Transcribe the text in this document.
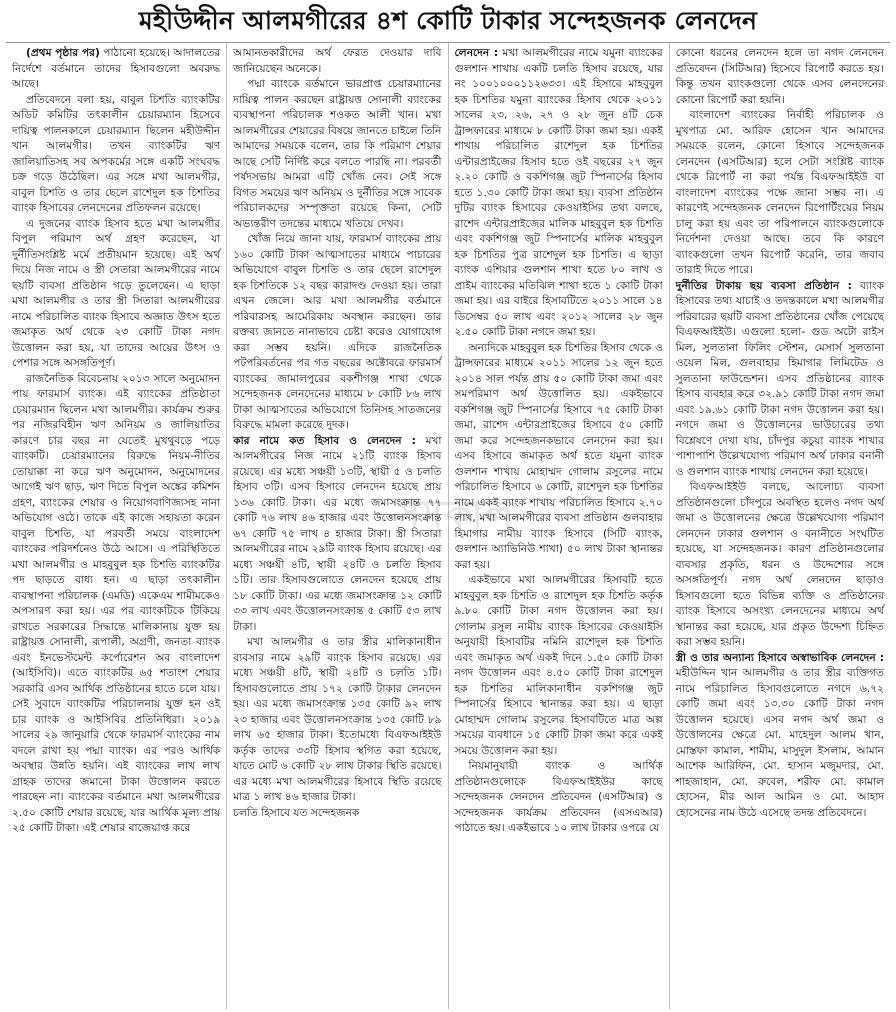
মহীউদ্দীন আলমগীরের ৪শ কোটি টাকার সন্দেহজনক লেনদেন

(প্রথম পৃষ্ঠার পর) পাঠানো হয়েছে। আদালতের নির্দেশে বর্তমানে তাদের হিসাবগুলো অবরুদ্ধ আছে।

প্রতিবেদনে বলা হয়, বাবুল চিশতি ব্যাংকটির অডিট কমিটির তৎকালীন চেয়ারম্যান হিসেবে দায়িত্ব পালনকালে চেয়ারম্যান ছিলেন মহীউদ্দীন খান আলমগীর। তখন ব্যাংকটির ঋণ জালিয়াতিসহ সব অপকর্মের সঙ্গে একটি সংঘবদ্ধ চক্র গড়ে উঠেছিল। এর সঙ্গে মখা আলমগীর, বাবুল চিশতি ও তার ছেলে রাশেদুল হক চিশতির ব্যাংক হিসাবের লেনদেনের প্রতিফলন রয়েছে।

এ দুজনের ব্যাংক হিসাব হতে মখা আলমগীর বিপুল পরিমাণ অর্থ গ্রহণ করেছেন, যা দুর্নীতিসংশ্লিষ্ট মর্মে প্রতীয়মান হয়েছে। এই অর্থ দিয়ে নিজ নামে ও স্ত্রী সেতারা আলমগীরের নামে ছয়টি ব্যবসা প্রতিষ্ঠান গড়ে তুলেছেন। এ ছাড়া মখা আলমগীর ও তার স্ত্রী সিতারা আলমগীরের নামে পরিচালিত ব্যাংক হিসাবে অজ্ঞাত উৎস হতে জমাকৃত অর্থ থেকে ২৩ কোটি টাকা নগদ উত্তোলন করা হয়, যা তাদের আয়ের উৎস ও পেশার সঙ্গে অসঙ্গতিপূর্ণ।

রাজনৈতিক বিবেচনায় ২০১৩ সালে অনুমোদন পায় ফারমার্স ব্যাংক। এই ব্যাংকের প্রতিষ্ঠাতা চেয়ারম্যান ছিলেন মখা আলমগীর। কার্যক্রম শুরুর পর নজিরবিহীন ঋণ অনিয়ম ও জালিয়াতির কারণে চার বছর না যেতেই মুখথুবড়ে পড়ে ব্যাংকটি। চেয়ারম্যানের বিরুদ্ধে নিয়ম-নীতির তোয়াক্কা না করে ঋণ অনুমোদন, অনুমোদনের আগেই ঋণ ছাড়, ঋণ দিতে বিপুল অঙ্কের কমিশন গ্রহণ, ব্যাংকের শেয়ার ও নিয়োগবাণিজ্যসহ নানা অভিযোগ ওঠে। তাকে এই কাজে সহায়তা করেন বাবুল চিশতি, যা পরবর্তী সময়ে বাংলাদেশ ব্যাংকের পরিদর্শনেও উঠে আসে। এ পরিস্থিতিতে মখা আলমগীর ও মাহবুবুল হক চিশতি ব্যাংকটির পদ ছাড়তে বাধ্য হন। এ ছাড়া তৎকালীন ব্যবস্থাপনা পরিচালক (এমডি) একেএম শামীমকেও অপসারণ করা হয়। এর পর ব্যাংকটিকে টিকিয়ে রাখতে সরকারের সিদ্ধান্তে মালিকানায় যুক্ত হয় রাষ্ট্রায়ত্ত সোনালী, রূপালী, অগ্রণী, জনতা ব্যাংক এবং ইনভেস্টমেন্ট কর্পোরেশন অব বাংলাদেশ (আইসিবি)। এতে ব্যাংকটির ৬৫ শতাংশ শেয়ার সরকারি এসব আর্থিক প্রতিষ্ঠানের হাতে চলে যায়। সেই সুবাদে ব্যাংকটির পরিচালনায় যুক্ত হন ওই চার ব্যাংক ও আইসিবির প্রতিনিধিরা। ২০১৯ সালের ২৯ জানুয়ারি থেকে ফারমার্স ব্যাংকের নাম বদলে রাখা হয় পদ্মা ব্যাংক। এর পরও আর্থিক অবস্থার উন্নতি হয়নি। এই ব্যাংকের লাখ লাখ গ্রাহক তাদের জমানো টাকা উত্তোলন করতে পারছেন না। ব্যাংকের বর্তমানে মখা আলমগীরের ২.৫০ কোটি শেয়ার রয়েছে, যার আর্থিক মূল্য প্রায় ২৫ কোটি টাকা। এই শেয়ার বাজেয়াপ্ত করে

আমানতকারীদের অর্থ ফেরত দেওয়ার দাবি জানিয়েছেন অনেকে।

পদ্মা ব্যাংকে বর্তমানে ভারপ্রাপ্ত চেয়ারম্যানের দায়িত্ব পালন করছেন রাষ্ট্রায়ত্ত সোনালী ব্যাংকের ব্যবস্থাপনা পরিচালক শওকত আলী খান। মখা আলমগীরের শেয়ারের বিষয়ে জানতে চাইলে তিনি আমাদের সময়কে বলেন, তার কি পরিমাণ শেয়ার আছে সেটি নির্দিষ্ট করে বলতে পারছি না। পরবর্তী পর্ষদসভায় আমরা এটি খোঁজ নেব। সেই সঙ্গে বিগত সময়ের ঋণ অনিয়ম ও দুর্নীতির সঙ্গে সাবেক পরিচালকদের সম্পৃক্ততা রয়েছে কিনা, সেটি অভ্যন্তরীণ তদন্তের মাধ্যমে খতিয়ে দেখব।

খোঁজ নিয়ে জানা যায়, ফারমার্স ব্যাংকের প্রায় ১৬০ কোটি টাকা আত্মসাতের মাধ্যমে পাচারের অভিযোগে বাবুল চিশতি ও তার ছেলে রাশেদুল হক চিশতিকে ১২ বছর কারাদণ্ড দেওয়া হয়। তারা এখন জেলে। আর মখা আলমগীর বর্তমানে পরিবারসহ আমেরিকায় অবস্থান করছেন। তার বক্তব্য জানতে নানাভাবে চেষ্টা করেও যোগাযোগ করা সম্ভব হয়নি। এদিকে রাজনৈতিক পটপরিবর্তনের পর গত বছরের অক্টোবরে ফারমার্স ব্যাংকের জামালপুরের বকশীগঞ্জ শাখা থেকে সন্দেহজনক লেনদেনের মাধ্যমে ৮ কোটি ৮৬ লাখ টাকা আত্মসাতের অভিযোগে তিনিসহ সাতজনের বিরুদ্ধে মামলা করেছে দুদক।

কার নামে কত হিসাব ও লেনদেন : মখা আলমগীরের নিজ নামে ২১টি ব্যাংক হিসাব রয়েছে। এর মধ্যে সঞ্চয়ী ১৩টি, স্থায়ী ৫ ও চলতি হিসাব ৩টি। এসব হিসাবে লেনদেন হয়েছে প্রায় ১৩৬ কোটি টাকা। এর মধ্যে জমাসংক্রান্ত ৭৭ কোটি ৭৬ লাখ ৪৬ হাজার এবং উত্তোলনসংক্রান্ত ৬৭ কোটি ৭৫ লাখ ৪ হাজার টাকা। স্ত্রী সিতারা আলমগীরের নামে ২৯টি ব্যাংক হিসাব রয়েছে। এর মধ্যে সঞ্চয়ী ৪টি, স্থায়ী ২৪টি ও চলতি হিসাব ১টি। তার হিসাবগুলোতে লেনদেন হয়েছে প্রায় ১৮ কোটি টাকা। এর মধ্যে জমাসংক্রান্ত ১২ কোটি ৩৩ লাখ এবং উত্তোলনসংক্রান্ত ৫ কোটি ৫৩ লাখ টাকা।

মখা আলমগীর ও তার স্ত্রীর মালিকানাধীন ব্যবসার নামে ২৯টি ব্যাংক হিসাব রয়েছে। এর মধ্যে সঞ্চয়ী ৪টি, স্থায়ী ২৪টি ও চলতি ১টি। হিসাবগুলোতে প্রায় ১৭২ কোটি টাকার লেনদেন হয়। এর মধ্যে জমাসংক্রান্ত ১৩৫ কোটি ৯২ লাখ ২৩ হাজার এবং উত্তোলনসংক্রান্ত ১৩৫ কোটি ৮৯ লাখ ৬৫ হাজার টাকা। ইতোমধ্যে বিএফআইইউ কর্তৃক তাদের ৩৩টি হিসাব স্থগিত করা হয়েছে, যাতে মোট ৬ কোটি ২৮ লাখ টাকার স্থিতি রয়েছে। এর মধ্যে মখা আলমগীরের হিসাবে স্থিতি রয়েছে মাত্র ১ লাখ ৪৬ হাজার টাকা।

চলতি হিসাবে যত সন্দেহজনক

লেনদেন : মখা আলমগীরের নামে যমুনা ব্যাংকের গুলশান শাখায় একটি চলতি হিসাব রয়েছে, যার নং ১০০১০০০১১২৬৩৩। এই হিসাবে মাহবুবুল হক চিশতির যমুনা ব্যাংকের হিসাব থেকে ২০১১ সালের ২৩, ২৬, ২৭ ও ২৮ জুন ৪টি চেক ট্রান্সফারের মাধ্যমে ৮ কোটি টাকা জমা হয়। একই শাখায় পরিচালিত রাশেদুল হক চিশতির এন্টারপ্রাইজের হিসাব হতে ওই বছরের ২৭ জুন ২.২০ কোটি ও বকশিগঞ্জ জুট স্পিনার্সের হিসাব হতে ১.৩০ কোটি টাকা জমা হয়। ব্যবসা প্রতিষ্ঠান দুটির ব্যাংক হিসাবের কেওয়াইসির তথ্য বলছে, রাশেদ এন্টারপ্রাইজের মালিক মাহবুবুল হক চিশতি এবং বকশিগঞ্জ জুট স্পিনার্সের মালিক মাহবুবুল হক চিশতির পুত্র রাশেদুল হক চিশতি। এ ছাড়া ব্যাংক এশিয়ার গুলশান শাখা হতে ৮০ লাখ ও প্রাইম ব্যাংকের মতিঝিল শাখা হতে ১ কোটি টাকা জমা হয়। এর বাইরে হিসাবটিতে ২০১১ সালে ১৪ ডিসেম্বর ৫০ লাখ এবং ২০১২ সালের ২৮ জুন ২.৫০ কোটি টাকা নগদে জমা হয়।

অন্যদিকে মাহবুবুল হক চিশতির হিসাব থেকে ও ট্রান্সফারের মাধ্যমে ২০১১ সালের ১২ জুন হতে ২০১৪ সাল পর্যন্ত প্রায় ৫০ কোটি টাকা জমা এবং সমপরিমাণ অর্থ উত্তোলিত হয়। একইভাবে বকশিগঞ্জ জুট স্পিনার্সের হিসাবে ৭৫ কোটি টাকা জমা, রাশেদ এন্টারপ্রাইজের হিসাবে ৫০ কোটি জমা করে সন্দেহজনকভাবে লেনদেন করা হয়। এসব হিসাবে জমাকৃত অর্থ হতে যমুনা ব্যাংক গুলশান শাখায় মোহাম্মদ গোলাম রসুলের নামে পরিচালিত হিসাবে ৬ কোটি, রাশেদুল হক চিশতির নামে একই ব্যাংক শাখায় পরিচালিত হিসাবে ২.৭০ লাখ, মখা আলমগীরের ব্যবসা প্রতিষ্ঠান গুলবাহার হিমাগার নামীয় ব্যাংক হিসাবে (সিটি ব্যাংক, গুলশান অ্যাভিনিউ শাখা) ৫০ লাখ টাকা স্থানান্তর করা হয়।

একইভাবে মখা আলমগীরের হিসাবটি হতে মাহবুবুল হক চিশতি ও রাশেদুল হক চিশতি কর্তৃক ৯.৮০ কোটি টাকা নগদ উত্তোলন করা হয়। গোলাম রসুল নামীয় ব্যাংক হিসাবের কেওয়াইসি অনুযায়ী হিসাবটির নমিনি রাশেদুল হক চিশতি এবং জমাকৃত অর্থ একই দিনে ১.৫০ কোটি টাকা নগদ উত্তোলন এবং ৪.৫০ কোটি টাকা রাশেদুল হক চিশতির মালিকানাধীন বকশিগঞ্জ জুট স্পিনার্সের হিসাবে স্থানান্তর করা হয়। এ ছাড়া মোহাম্মদ গোলাম রসুলের হিসাবটিতে মাত্র অল্প সময়ের ব্যবধানে ১৫ কোটি টাকা জমা করে একই সময়ে উত্তোলন করা হয়।

নিয়মানুযায়ী ব্যাংক ও আর্থিক প্রতিষ্ঠানগুলোকে বিএফআইইউর কাছে সন্দেহজনক লেনদেন প্রতিবেদন (এসটিআর) ও সন্দেহজনক কার্যক্রম প্রতিবেদন (এসএআর) পাঠাতে হয়। একইভাবে ১০ লাখ টাকার ওপরে যে

কোনো ধরনের লেনদেন হলে তা নগদ লেনদেন প্রতিবেদন (সিটিআর) হিসেবে রিপোর্ট করতে হয়। কিন্তু তখন ব্যাংকগুলো থেকে এসব লেনদেনের কোনো রিপোর্ট করা হয়নি।

বাংলাদেশ ব্যাংকের নির্বাহী পরিচালক ও মুখপাত্র মো. আরিফ হোসেন খান আমাদের সময়কে বলেন, কোনো হিসাবে সন্দেহজনক লেনদেন (এসটিআর) হলে সেটা সংশ্লিষ্ট ব্যাংক থেকে রিপোর্ট না করা পর্যন্ত বিএফআইইউ বা বাংলাদেশ ব্যাংকের পক্ষে জানা সম্ভব না। এ কারণেই সন্দেহজনক লেনদেন রিপোর্টিংয়ের নিয়ম চালু করা হয় এবং তা পরিপালনে ব্যাংকগুলোকে নির্দেশনা দেওয়া আছে। তবে কি কারণে ব্যাংকগুলো তখন রিপোর্ট করেনি, তার জবাব তারাই দিতে পারে।

দুর্নীতির টাকায় ছয় ব্যবসা প্রতিষ্ঠান : ব্যাংক হিসাবের তথ্য যাচাই ও তদন্তকালে মখা আলমগীর পরিবারের ছয়টি ব্যবসা প্রতিষ্ঠানের খোঁজ পেয়েছে বিএফআইইউ। এগুলো হলো- গুড অটো রাইস মিল, সুলতানা ফিলিং স্টেশন, মেসার্স সুলতানা ওয়েল মিল, গুলবাহার হিমাগার লিমিটেড ও সুলতানা ফাউন্ডেশন। এসব প্রতিষ্ঠানের ব্যাংক হিসাব ব্যবহার করে ৩২.৯১ কোটি টাকা নগদ জমা এবং ১৯.৬১ কোটি টাকা নগদ উত্তোলন করা হয়। নগদে জমা ও উত্তোলনের ভাউচারের তথ্য বিশ্লেষণে দেখা যায়, চাঁদপুর কচুয়া ব্যাংক শাখার পাশাপাশি উল্লেখযোগ্য পরিমাণ অর্থ ঢাকার বনানী ও গুলশান ব্যাংক শাখায় লেনদেন করা হয়েছে।

বিএফআইইউ বলছে, আলোচ্য ব্যবসা প্রতিষ্ঠানগুলো চাঁদপুরে অবস্থিত হলেও নগদ অর্থ জমা ও উত্তোলনের ক্ষেত্রে উল্লেখযোগ্য পরিমাণ লেনদেন ঢাকার গুলশান ও বনানীতে সংঘটিত হয়েছে, যা সন্দেহজনক। কারণ প্রতিষ্ঠানগুলোর ব্যবসার প্রকৃতি, ধরন ও উদ্দেশ্যের সঙ্গে অসঙ্গতিপূর্ণ। নগদ অর্থ লেনদেন ছাড়াও হিসাবগুলো হতে বিভিন্ন ব্যক্তি ও প্রতিষ্ঠানের ব্যাংক হিসাবে অসংখ্য লেনদেনের মাধ্যমে অর্থ স্থানান্তর করা হয়েছে, যার প্রকৃত উদ্দেশ্য চিহ্নিত করা সম্ভব হয়নি।

স্ত্রী ও তার অন্যান্য হিসাবে অস্বাভাবিক লেনদেন : মহীউদ্দিন খান আলমগীর ও তার স্ত্রীর ব্যক্তিগত নামে পরিচালিত হিসাবগুলোতে নগদে ৬.৭২ কোটি জমা এবং ১৩.৩০ কোটি টাকা নগদ উত্তোলন হয়েছে। এসব নগদ অর্থ জমা ও উত্তোলনের ক্ষেত্রে মো. মাহেদুল আলম খান, মোস্তফা কামাল, শামীম, মাসুদুল ইসলাম, আমান আশেক আরিফিন, মো. হাসান মজুমদার, মো. শাহজাহান, মো. রুবেল, শরীফ মো. কামাল হোসেন, মীর আল আমিন ও মো. আহাদ হোসেনের নাম উঠে এসেছে তদন্ত প্রতিবেদনে।

সমকাল
